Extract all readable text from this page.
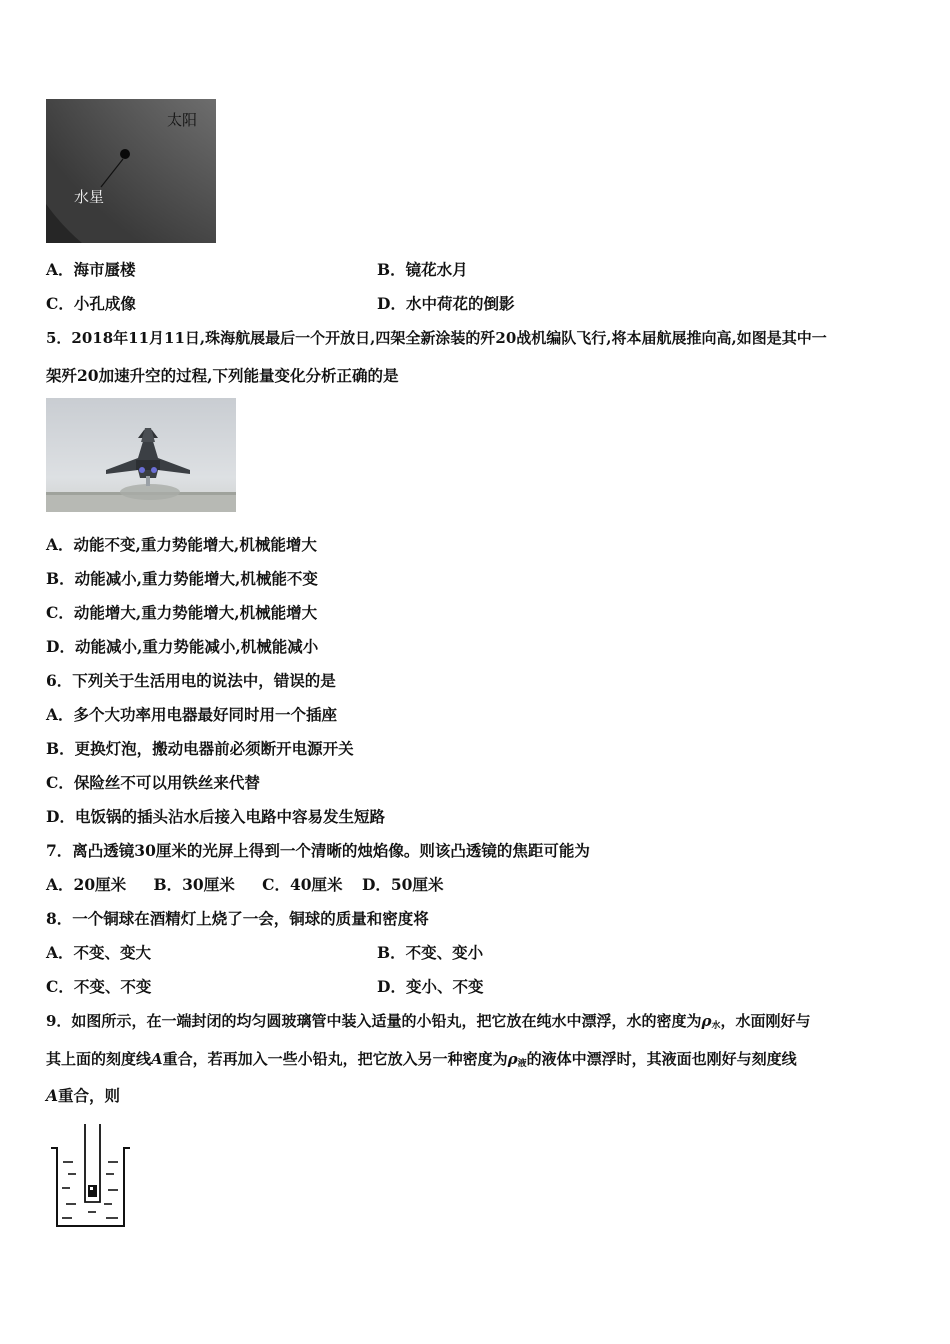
太阳
水星
A．海市蜃楼	B．镜花水月
C．小孔成像	D．水中荷花的倒影
5．2018年11月11日,珠海航展最后一个开放日,四架全新涂装的歼20战机编队飞行,将本届航展推向高,如图是其中一
架歼20加速升空的过程,下列能量变化分析正确的是
A．动能不变,重力势能增大,机械能增大
B．动能减小,重力势能增大,机械能不变
C．动能增大,重力势能增大,机械能增大
D．动能减小,重力势能减小,机械能减小
6．下列关于生活用电的说法中，错误的是
A．多个大功率用电器最好同时用一个插座
B．更换灯泡，搬动电器前必须断开电源开关
C．保险丝不可以用铁丝来代替
D．电饭锅的插头沾水后接入电路中容易发生短路
7．离凸透镜30厘米的光屏上得到一个清晰的烛焰像。则该凸透镜的焦距可能为
A．20厘米 B．30厘米 C．40厘米 D．50厘米
8．一个铜球在酒精灯上烧了一会，铜球的质量和密度将
A．不变、变大	B．不变、变小
C．不变、不变	D．变小、不变
9．如图所示，在一端封闭的均匀圆玻璃管中装入适量的小铅丸，把它放在纯水中漂浮，水的密度为$\rho_水$，水面刚好与
其上面的刻度线A重合，若再加入一些小铅丸，把它放入另一种密度为$\rho_液$的液体中漂浮时，其液面也刚好与刻度线
A重合，则
